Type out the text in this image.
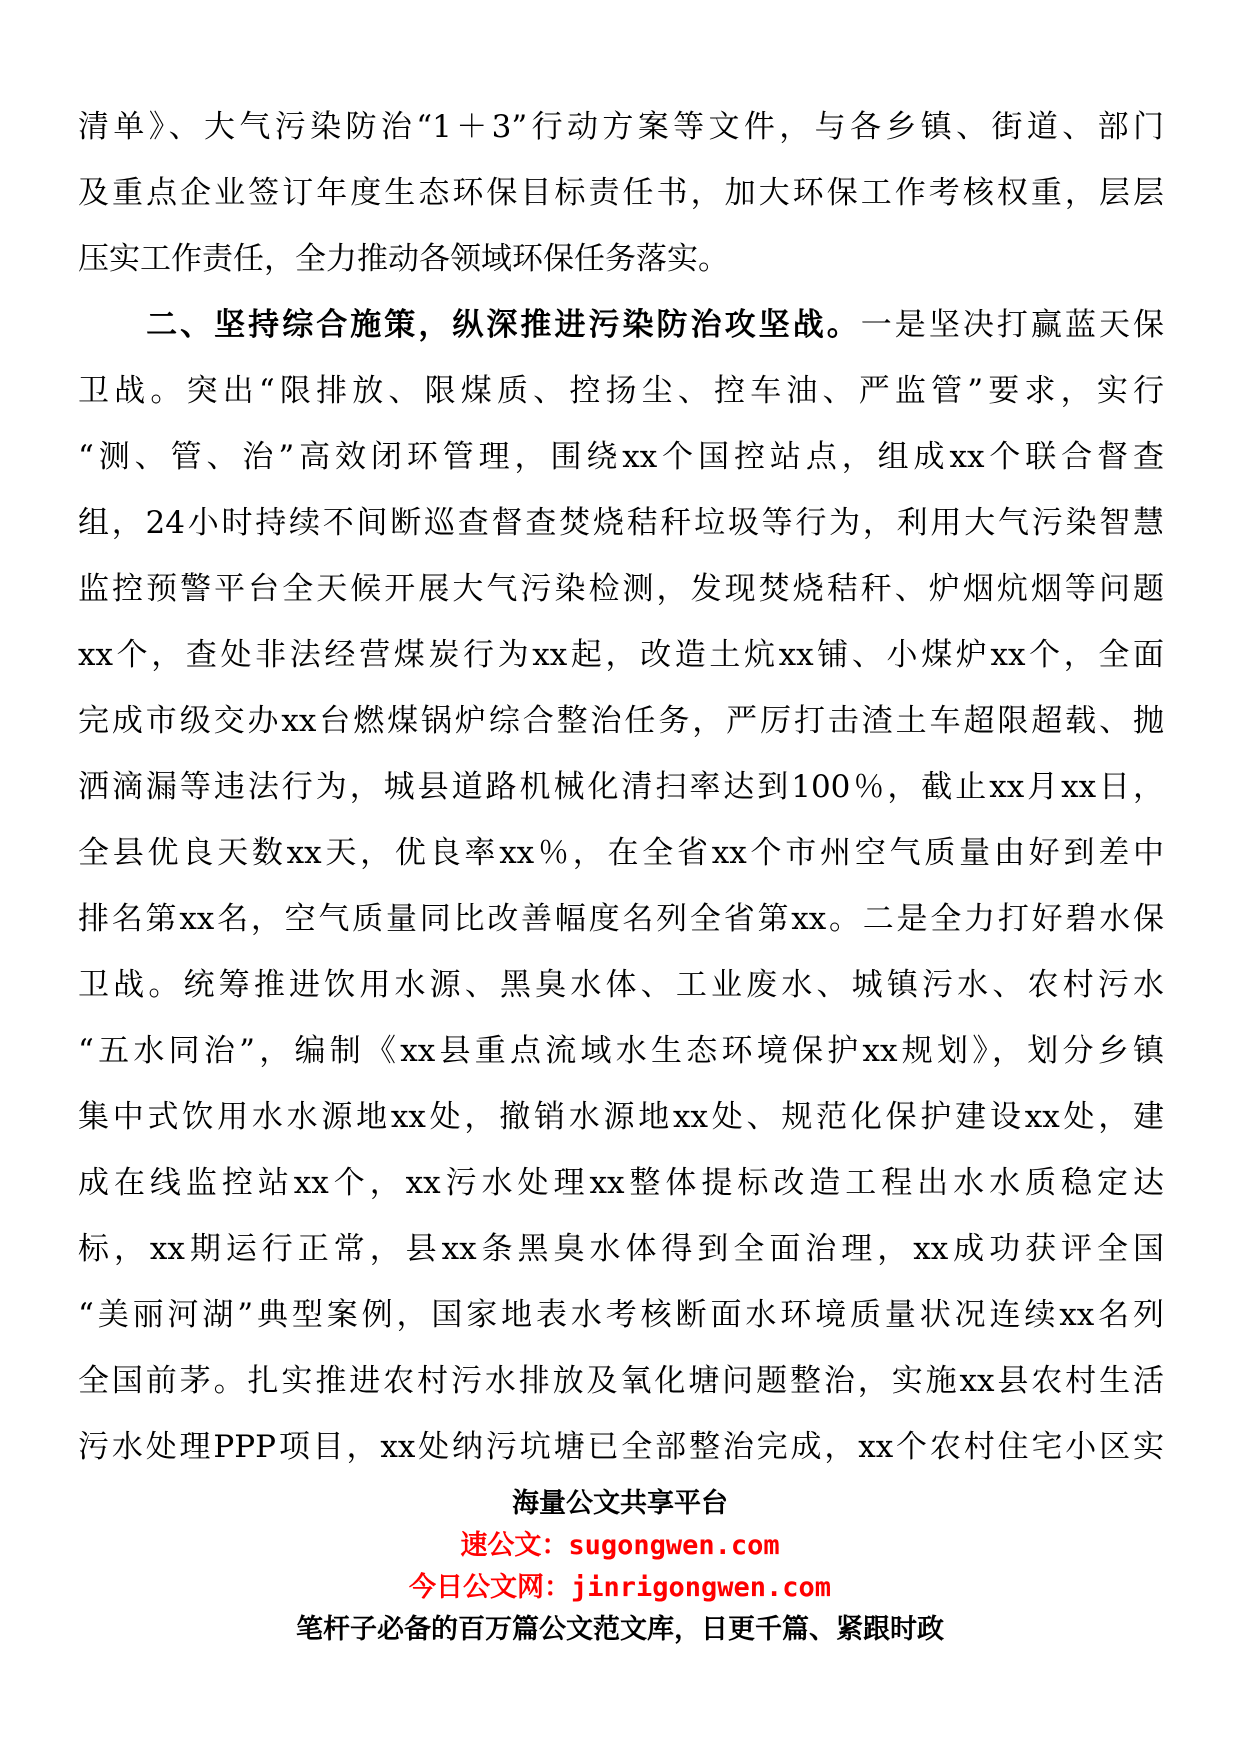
清单》、大气污染防治“1＋3”行动方案等文件，与各乡镇、街道、部门
及重点企业签订年度生态环保目标责任书，加大环保工作考核权重，层层
压实工作责任，全力推动各领域环保任务落实。
　　二、坚持综合施策，纵深推进污染防治攻坚战。一是坚决打赢蓝天保
卫战。突出“限排放、限煤质、控扬尘、控车油、严监管”要求，实行
“测、管、治”高效闭环管理，围绕xx个国控站点，组成xx个联合督查
组，24小时持续不间断巡查督查焚烧秸秆垃圾等行为，利用大气污染智慧
监控预警平台全天候开展大气污染检测，发现焚烧秸秆、炉烟炕烟等问题
xx个，查处非法经营煤炭行为xx起，改造土炕xx铺、小煤炉xx个，全面
完成市级交办xx台燃煤锅炉综合整治任务，严厉打击渣土车超限超载、抛
洒滴漏等违法行为，城县道路机械化清扫率达到100％，截止xx月xx日，
全县优良天数xx天，优良率xx％，在全省xx个市州空气质量由好到差中
排名第xx名，空气质量同比改善幅度名列全省第xx。二是全力打好碧水保
卫战。统筹推进饮用水源、黑臭水体、工业废水、城镇污水、农村污水
“五水同治”，编制《xx县重点流域水生态环境保护xx规划》，划分乡镇
集中式饮用水水源地xx处，撤销水源地xx处、规范化保护建设xx处，建
成在线监控站xx个，xx污水处理xx整体提标改造工程出水水质稳定达
标，xx期运行正常，县xx条黑臭水体得到全面治理，xx成功获评全国
“美丽河湖”典型案例，国家地表水考核断面水环境质量状况连续xx名列
全国前茅。扎实推进农村污水排放及氧化塘问题整治，实施xx县农村生活
污水处理PPP项目，xx处纳污坑塘已全部整治完成，xx个农村住宅小区实
海量公文共享平台
速公文：sugongwen.com
今日公文网：jinrigongwen.com
笔杆子必备的百万篇公文范文库，日更千篇、紧跟时政
